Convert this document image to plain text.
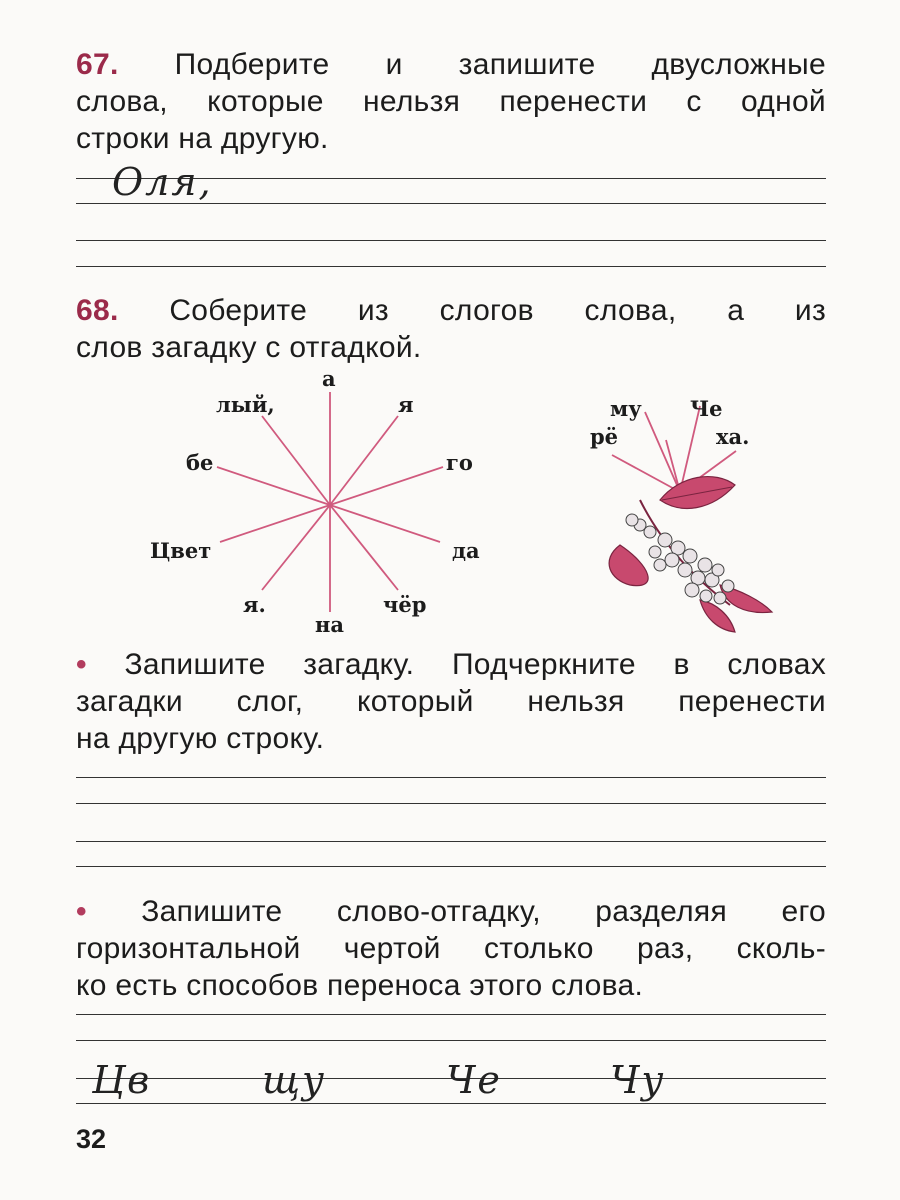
67. Подберите и запишите двусложные
слова, которые нельзя перенести с одной
строки на другую.
Оля,
68. Соберите из слогов слова, а из
слов загадку с отгадкой.
а
я
го
да
чёр
на
я.
Цвет
бе
лый,	му Че
рё	ха.
• Запишите загадку. Подчеркните в словах
загадки слог, который нельзя перенести
на другую строку.
• Запишите слово-отгадку, разделяя его
горизонтальной чертой столько раз, сколь-
ко есть способов переноса этого слова.
Цв	щу	Че	Чу
32
